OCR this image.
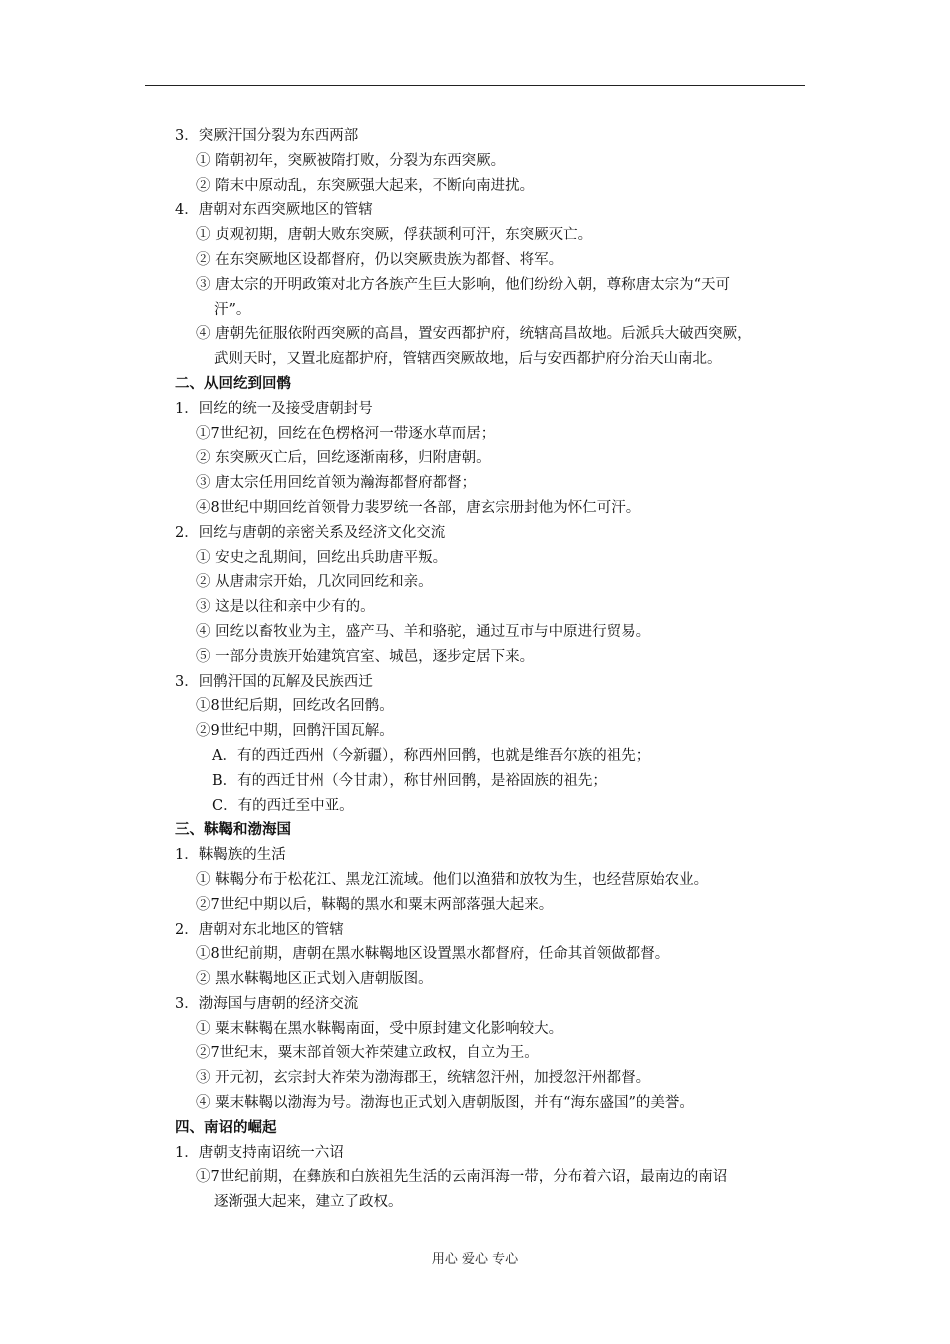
3．突厥汗国分裂为东西两部
① 隋朝初年，突厥被隋打败，分裂为东西突厥。
② 隋末中原动乱，东突厥强大起来，不断向南进扰。
4．唐朝对东西突厥地区的管辖
① 贞观初期，唐朝大败东突厥，俘获颉利可汗，东突厥灭亡。
② 在东突厥地区设都督府，仍以突厥贵族为都督、将军。
③ 唐太宗的开明政策对北方各族产生巨大影响，他们纷纷入朝，尊称唐太宗为“天可
汗”。
④ 唐朝先征服依附西突厥的高昌，置安西都护府，统辖高昌故地。后派兵大破西突厥，
武则天时，又置北庭都护府，管辖西突厥故地，后与安西都护府分治天山南北。
二、从回纥到回鹘
1．回纥的统一及接受唐朝封号
①7世纪初，回纥在色楞格河一带逐水草而居；
② 东突厥灭亡后，回纥逐渐南移，归附唐朝。
③ 唐太宗任用回纥首领为瀚海都督府都督；
④8世纪中期回纥首领骨力裴罗统一各部，唐玄宗册封他为怀仁可汗。
2．回纥与唐朝的亲密关系及经济文化交流
① 安史之乱期间，回纥出兵助唐平叛。
② 从唐肃宗开始，几次同回纥和亲。
③ 这是以往和亲中少有的。
④ 回纥以畜牧业为主，盛产马、羊和骆驼，通过互市与中原进行贸易。
⑤ 一部分贵族开始建筑宫室、城邑，逐步定居下来。
3．回鹘汗国的瓦解及民族西迁
①8世纪后期，回纥改名回鹘。
②9世纪中期，回鹘汗国瓦解。
A．有的西迁西州（今新疆），称西州回鹘，也就是维吾尔族的祖先；
B．有的西迁甘州（今甘肃），称甘州回鹘，是裕固族的祖先；
C．有的西迁至中亚。
三、靺鞨和渤海国
1．靺鞨族的生活
① 靺鞨分布于松花江、黑龙江流域。他们以渔猎和放牧为生，也经营原始农业。
②7世纪中期以后，靺鞨的黑水和粟末两部落强大起来。
2．唐朝对东北地区的管辖
①8世纪前期，唐朝在黑水靺鞨地区设置黑水都督府，任命其首领做都督。
② 黑水靺鞨地区正式划入唐朝版图。
3．渤海国与唐朝的经济交流
① 粟末靺鞨在黑水靺鞨南面，受中原封建文化影响较大。
②7世纪末，粟末部首领大祚荣建立政权，自立为王。
③ 开元初，玄宗封大祚荣为渤海郡王，统辖忽汗州，加授忽汗州都督。
④ 粟末靺鞨以渤海为号。渤海也正式划入唐朝版图，并有“海东盛国”的美誉。
四、南诏的崛起
1．唐朝支持南诏统一六诏
①7世纪前期，在彝族和白族祖先生活的云南洱海一带，分布着六诏，最南边的南诏
逐渐强大起来，建立了政权。
用心 爱心 专心
